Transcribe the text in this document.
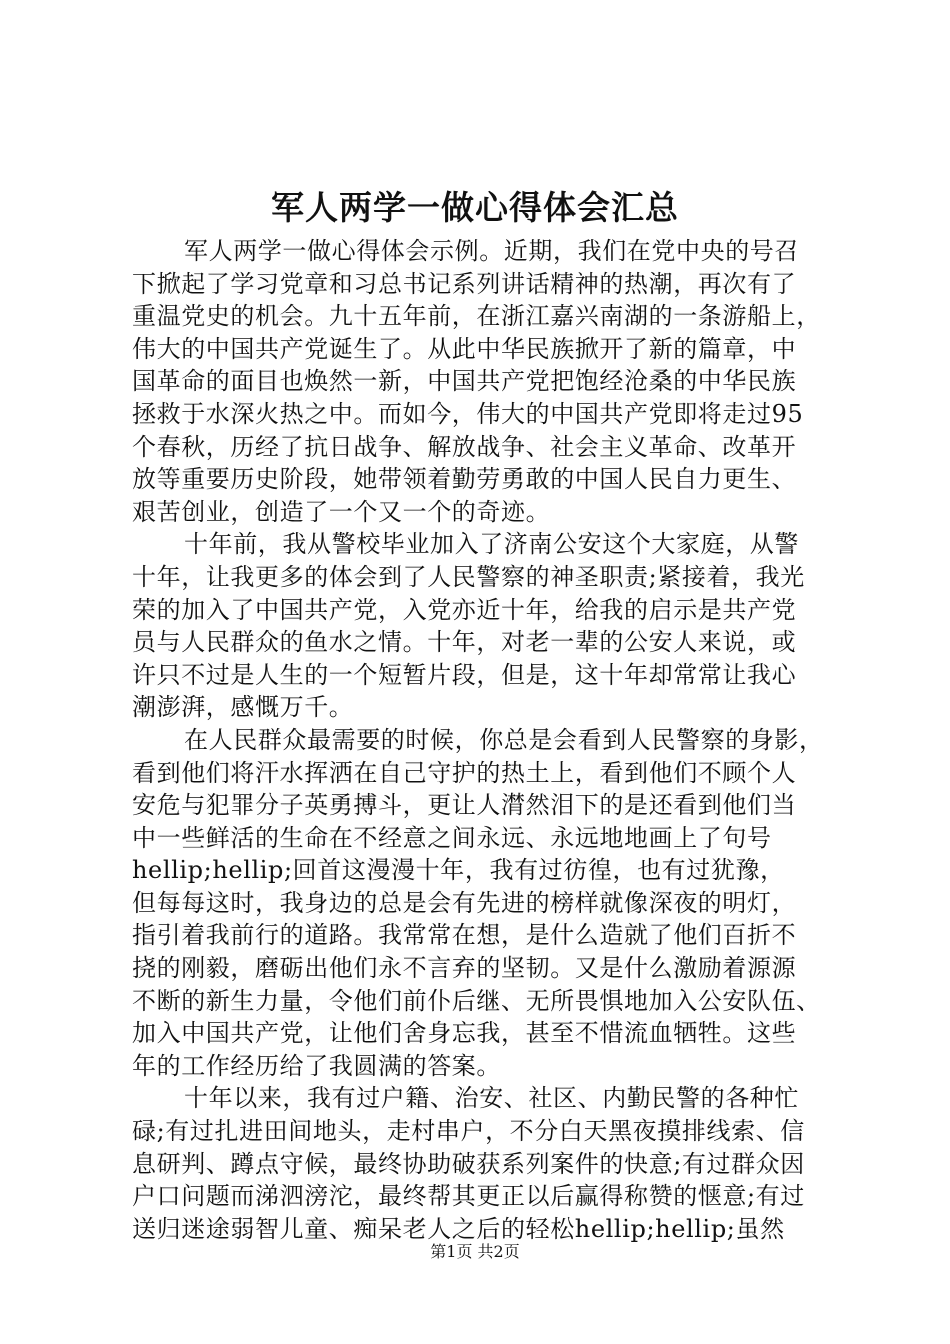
军人两学一做心得体会汇总
军人两学一做心得体会示例。近期，我们在党中央的号召
下掀起了学习党章和习总书记系列讲话精神的热潮，再次有了
重温党史的机会。九十五年前，在浙江嘉兴南湖的一条游船上，
伟大的中国共产党诞生了。从此中华民族掀开了新的篇章，中
国革命的面目也焕然一新，中国共产党把饱经沧桑的中华民族
拯救于水深火热之中。而如今，伟大的中国共产党即将走过95
个春秋，历经了抗日战争、解放战争、社会主义革命、改革开
放等重要历史阶段，她带领着勤劳勇敢的中国人民自力更生、
艰苦创业，创造了一个又一个的奇迹。
十年前，我从警校毕业加入了济南公安这个大家庭，从警
十年，让我更多的体会到了人民警察的神圣职责;紧接着，我光
荣的加入了中国共产党，入党亦近十年，给我的启示是共产党
员与人民群众的鱼水之情。十年，对老一辈的公安人来说，或
许只不过是人生的一个短暂片段，但是，这十年却常常让我心
潮澎湃，感慨万千。
在人民群众最需要的时候，你总是会看到人民警察的身影，
看到他们将汗水挥洒在自己守护的热土上，看到他们不顾个人
安危与犯罪分子英勇搏斗，更让人潸然泪下的是还看到他们当
中一些鲜活的生命在不经意之间永远、永远地地画上了句号
hellip;hellip;回首这漫漫十年，我有过彷徨，也有过犹豫，
但每每这时，我身边的总是会有先进的榜样就像深夜的明灯，
指引着我前行的道路。我常常在想，是什么造就了他们百折不
挠的刚毅，磨砺出他们永不言弃的坚韧。又是什么激励着源源
不断的新生力量，令他们前仆后继、无所畏惧地加入公安队伍、
加入中国共产党，让他们舍身忘我，甚至不惜流血牺牲。这些
年的工作经历给了我圆满的答案。
十年以来，我有过户籍、治安、社区、内勤民警的各种忙
碌;有过扎进田间地头，走村串户，不分白天黑夜摸排线索、信
息研判、蹲点守候，最终协助破获系列案件的快意;有过群众因
户口问题而涕泗滂沱，最终帮其更正以后赢得称赞的惬意;有过
送归迷途弱智儿童、痴呆老人之后的轻松hellip;hellip;虽然
第1页 共2页
